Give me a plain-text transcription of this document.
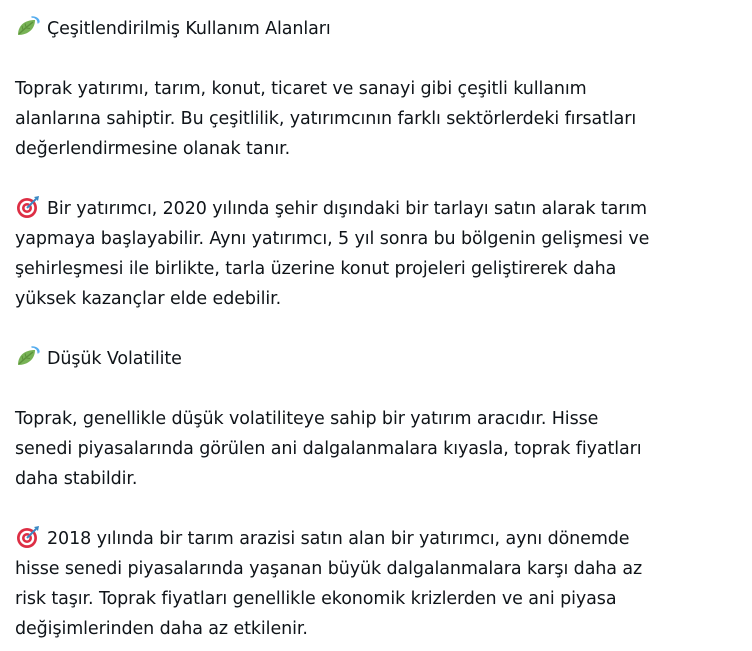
Çeşitlendirilmiş Kullanım Alanları

Toprak yatırımı, tarım, konut, ticaret ve sanayi gibi çeşitli kullanım
alanlarına sahiptir. Bu çeşitlilik, yatırımcının farklı sektörlerdeki fırsatları
değerlendirmesine olanak tanır.

Bir yatırımcı, 2020 yılında şehir dışındaki bir tarlayı satın alarak tarım
yapmaya başlayabilir. Aynı yatırımcı, 5 yıl sonra bu bölgenin gelişmesi ve
şehirleşmesi ile birlikte, tarla üzerine konut projeleri geliştirerek daha
yüksek kazançlar elde edebilir.

Düşük Volatilite

Toprak, genellikle düşük volatiliteye sahip bir yatırım aracıdır. Hisse
senedi piyasalarında görülen ani dalgalanmalara kıyasla, toprak fiyatları
daha stabildir.

2018 yılında bir tarım arazisi satın alan bir yatırımcı, aynı dönemde
hisse senedi piyasalarında yaşanan büyük dalgalanmalara karşı daha az
risk taşır. Toprak fiyatları genellikle ekonomik krizlerden ve ani piyasa
değişimlerinden daha az etkilenir.
